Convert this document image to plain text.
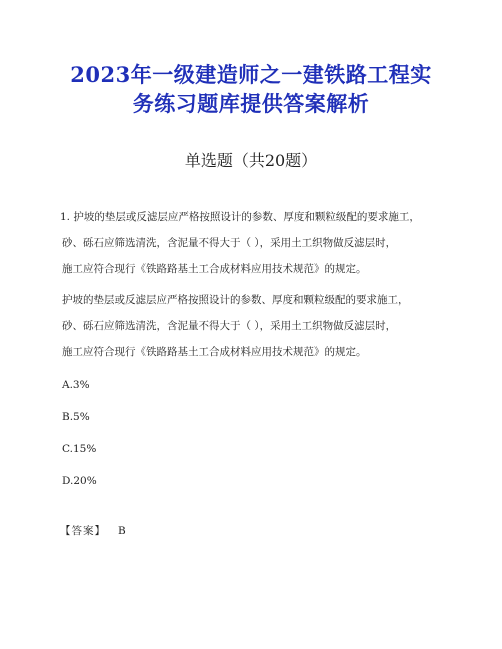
2023年一级建造师之一建铁路工程实
务练习题库提供答案解析
单选题（共20题）
1. 护坡的垫层或反滤层应严格按照设计的参数、厚度和颗粒级配的要求施工，
砂、砾石应筛选清洗，含泥量不得大于（ ），采用土工织物做反滤层时，
施工应符合现行《铁路路基土工合成材料应用技术规范》的规定。
护坡的垫层或反滤层应严格按照设计的参数、厚度和颗粒级配的要求施工，
砂、砾石应筛选清洗，含泥量不得大于（ ），采用土工织物做反滤层时，
施工应符合现行《铁路路基土工合成材料应用技术规范》的规定。
A.3%
B.5%
C.15%
D.20%
【答案】 B
